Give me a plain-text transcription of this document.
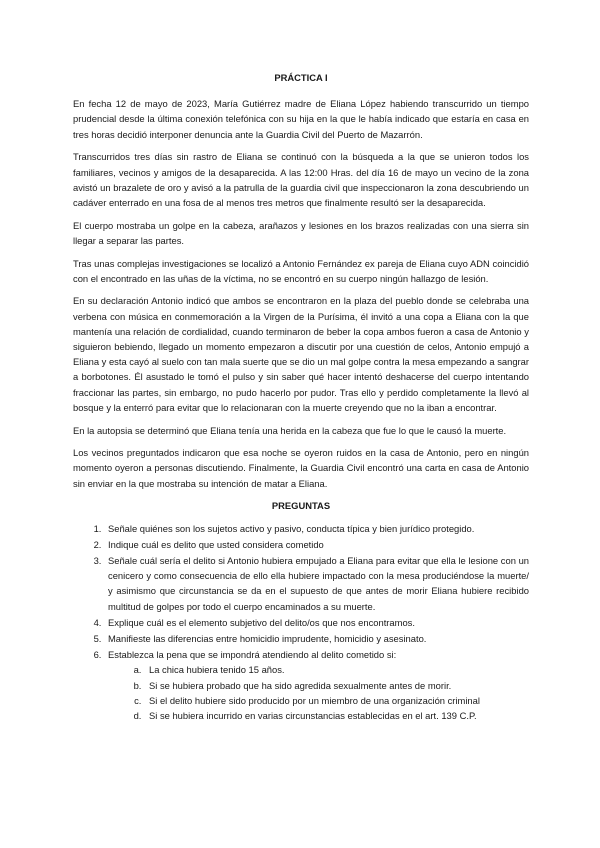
PRÁCTICA I

En fecha 12 de mayo de 2023, María Gutiérrez madre de Eliana López habiendo transcurrido un tiempo prudencial desde la última conexión telefónica con su hija en la que le había indicado que estaría en casa en tres horas decidió interponer denuncia ante la Guardia Civil del Puerto de Mazarrón.

Transcurridos tres días sin rastro de Eliana se continuó con la búsqueda a la que se unieron todos los familiares, vecinos y amigos de la desaparecida. A las 12:00 Hras. del día 16 de mayo un vecino de la zona avistó un brazalete de oro y avisó a la patrulla de la guardia civil que inspeccionaron la zona descubriendo un cadáver enterrado en una fosa de al menos tres metros que finalmente resultó ser la desaparecida.

El cuerpo mostraba un golpe en la cabeza, arañazos y lesiones en los brazos realizadas con una sierra sin llegar a separar las partes.

Tras unas complejas investigaciones se localizó a Antonio Fernández ex pareja de Eliana cuyo ADN coincidió con el encontrado en las uñas de la víctima, no se encontró en su cuerpo ningún hallazgo de lesión.

En su declaración Antonio indicó que ambos se encontraron en la plaza del pueblo donde se celebraba una verbena con música en conmemoración a la Virgen de la Purísima, él invitó a una copa a Eliana con la que mantenía una relación de cordialidad, cuando terminaron de beber la copa ambos fueron a casa de Antonio y siguieron bebiendo, llegado un momento empezaron a discutir por una cuestión de celos, Antonio empujó a Eliana y esta cayó al suelo con tan mala suerte que se dio un mal golpe contra la mesa empezando a sangrar a borbotones. Él asustado le tomó el pulso y sin saber qué hacer intentó deshacerse del cuerpo intentando fraccionar las partes, sin embargo, no pudo hacerlo por pudor. Tras ello y perdido completamente la llevó al bosque y la enterró para evitar que lo relacionaran con la muerte creyendo que no la iban a encontrar.

En la autopsia se determinó que Eliana tenía una herida en la cabeza que fue lo que le causó la muerte.

Los vecinos preguntados indicaron que esa noche se oyeron ruidos en la casa de Antonio, pero en ningún momento oyeron a personas discutiendo. Finalmente, la Guardia Civil encontró una carta en casa de Antonio sin enviar en la que mostraba su intención de matar a Eliana.

PREGUNTAS
1. Señale quiénes son los sujetos activo y pasivo, conducta típica y bien jurídico protegido.
2. Indique cuál es delito que usted considera cometido
3. Señale cuál sería el delito si Antonio hubiera empujado a Eliana para evitar que ella le lesione con un cenicero y como consecuencia de ello ella hubiere impactado con la mesa produciéndose la muerte/ y asimismo que circunstancia se da en el supuesto de que antes de morir Eliana hubiere recibido multitud de golpes por todo el cuerpo encaminados a su muerte.
4. Explique cuál es el elemento subjetivo del delito/os que nos encontramos.
5. Manifieste las diferencias entre homicidio imprudente, homicidio y asesinato.
6. Establezca la pena que se impondrá atendiendo al delito cometido si:
a. La chica hubiera tenido 15 años.
b. Si se hubiera probado que ha sido agredida sexualmente antes de morir.
c. Si el delito hubiere sido producido por un miembro de una organización criminal
d. Si se hubiera incurrido en varias circunstancias establecidas en el art. 139 C.P.
